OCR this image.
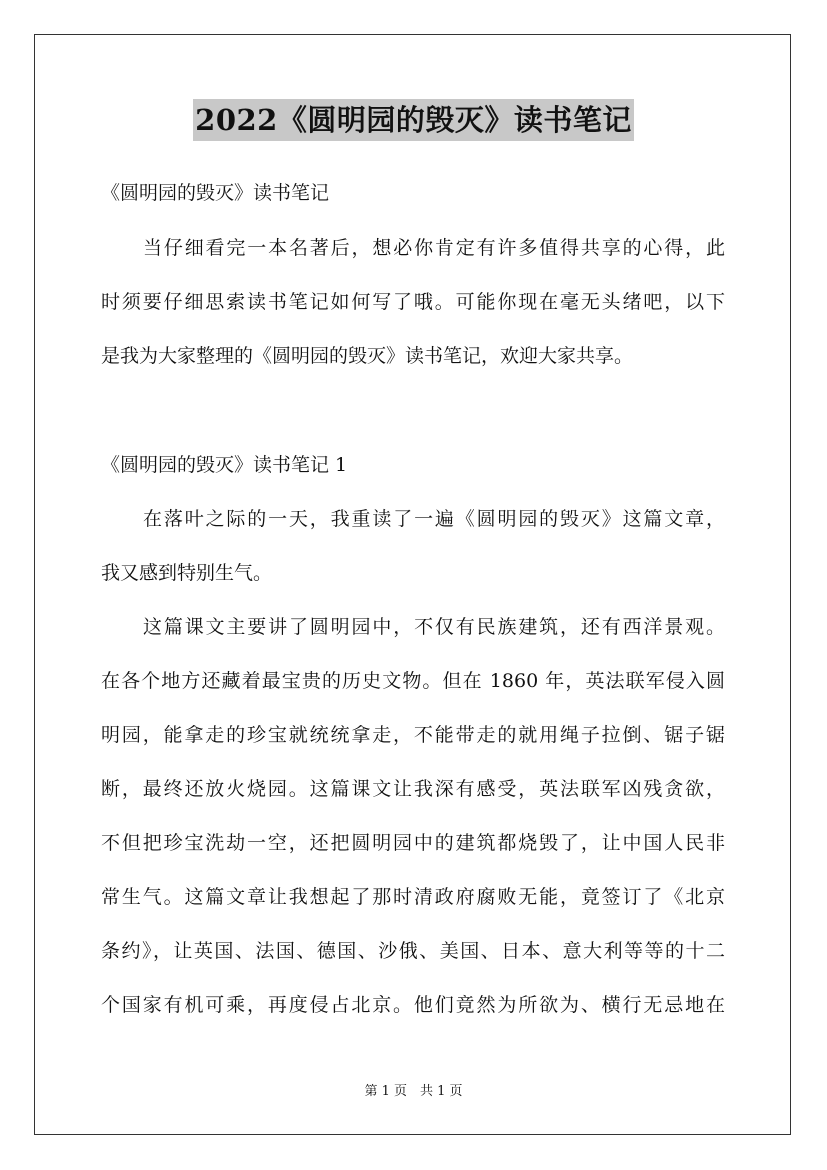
2022《圆明园的毁灭》读书笔记
《圆明园的毁灭》读书笔记
当仔细看完一本名著后，想必你肯定有许多值得共享的心得，此
时须要仔细思索读书笔记如何写了哦。可能你现在毫无头绪吧，以下
是我为大家整理的《圆明园的毁灭》读书笔记，欢迎大家共享。
《圆明园的毁灭》读书笔记 1
在落叶之际的一天，我重读了一遍《圆明园的毁灭》这篇文章，
我又感到特别生气。
这篇课文主要讲了圆明园中，不仅有民族建筑，还有西洋景观。
在各个地方还藏着最宝贵的历史文物。但在 1860 年，英法联军侵入圆
明园，能拿走的珍宝就统统拿走，不能带走的就用绳子拉倒、锯子锯
断，最终还放火烧园。这篇课文让我深有感受，英法联军凶残贪欲，
不但把珍宝洗劫一空，还把圆明园中的建筑都烧毁了，让中国人民非
常生气。这篇文章让我想起了那时清政府腐败无能，竟签订了《北京
条约》，让英国、法国、德国、沙俄、美国、日本、意大利等等的十二
个国家有机可乘，再度侵占北京。他们竟然为所欲为、横行无忌地在
第 1 页　共 1 页
